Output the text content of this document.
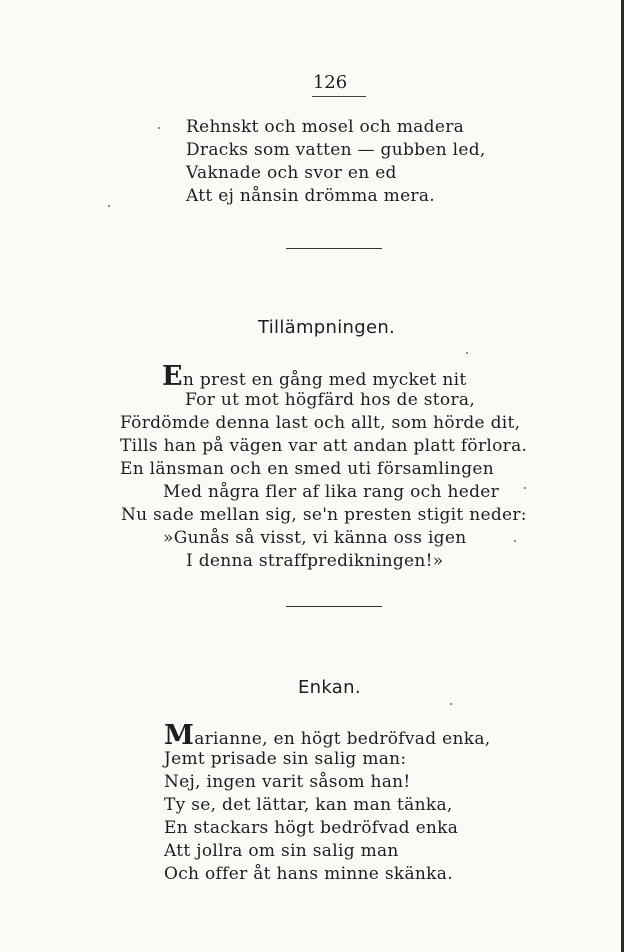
126
Rehnskt och mosel och madera
Dracks som vatten — gubben led,
Vaknade och svor en ed
Att ej nånsin drömma mera.
Tillämpningen.
En prest en gång med mycket nit
For ut mot högfärd hos de stora,
Fördömde denna last och allt, som hörde dit,
Tills han på vägen var att andan platt förlora.
En länsman och en smed uti församlingen
Med några fler af lika rang och heder
Nu sade mellan sig, se'n presten stigit neder:
»Gunås så visst, vi känna oss igen
I denna straffpredikningen!»
Enkan.
Marianne, en högt bedröfvad enka,
Jemt prisade sin salig man:
Nej, ingen varit såsom han!
Ty se, det lättar, kan man tänka,
En stackars högt bedröfvad enka
Att jollra om sin salig man
Och offer åt hans minne skänka.
